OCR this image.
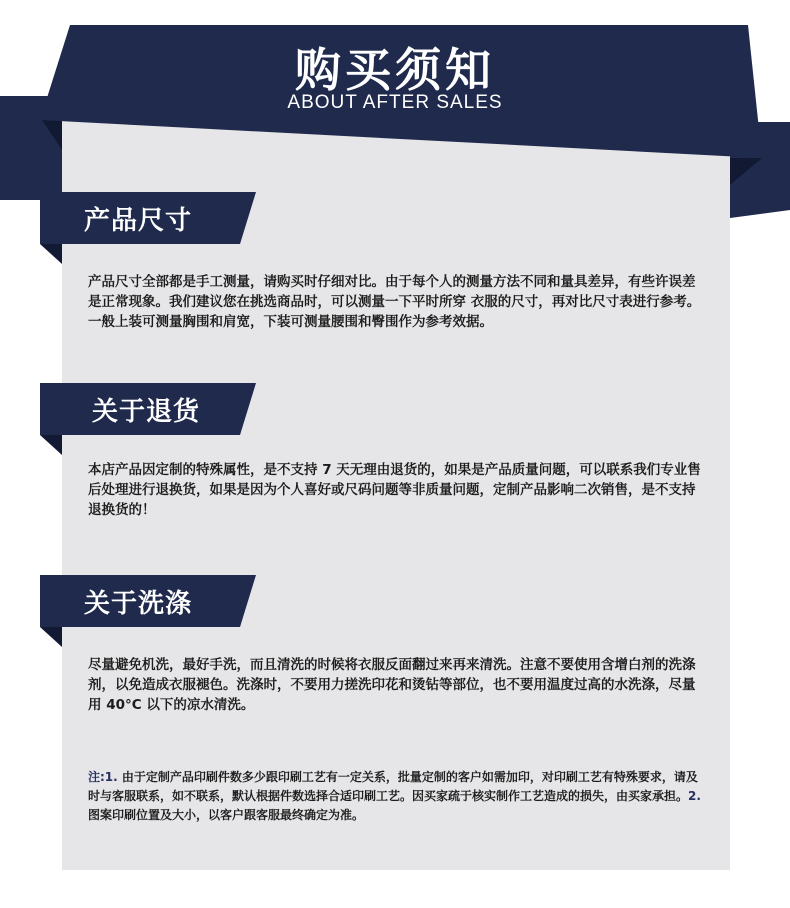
购买须知
ABOUT AFTER SALES
产品尺寸
产品尺寸全部都是手工测量，请购买时仔细对比。由于每个人的测量方法不同和量具差异，有些许误差是正常现象。我们建议您在挑选商品时，可以测量一下平时所穿 衣服的尺寸，再对比尺寸表进行参考。一般上装可测量胸围和肩宽，下装可测量腰围和臀围作为参考效据。
关于退货
本店产品因定制的特殊属性，是不支持 7 天无理由退货的，如果是产品质量问题，可以联系我们专业售后处理进行退换货，如果是因为个人喜好或尺码问题等非质量问题，定制产品影响二次销售，是不支持退换货的！
关于洗涤
尽量避免机洗，最好手洗，而且清洗的时候将衣服反面翻过来再来清洗。注意不要使用含增白剂的洗涤剂，以免造成衣服褪色。洗涤时，不要用力搓洗印花和烫钻等部位，也不要用温度过高的水洗涤，尽量用 40°C 以下的凉水清洗。
注:1. 由于定制产品印刷件数多少跟印刷工艺有一定关系，批量定制的客户如需加印，对印刷工艺有特殊要求，请及时与客服联系，如不联系，默认根据件数选择合适印刷工艺。因买家疏于核实制作工艺造成的损失，由买家承担。2. 图案印刷位置及大小，以客户跟客服最终确定为准。
